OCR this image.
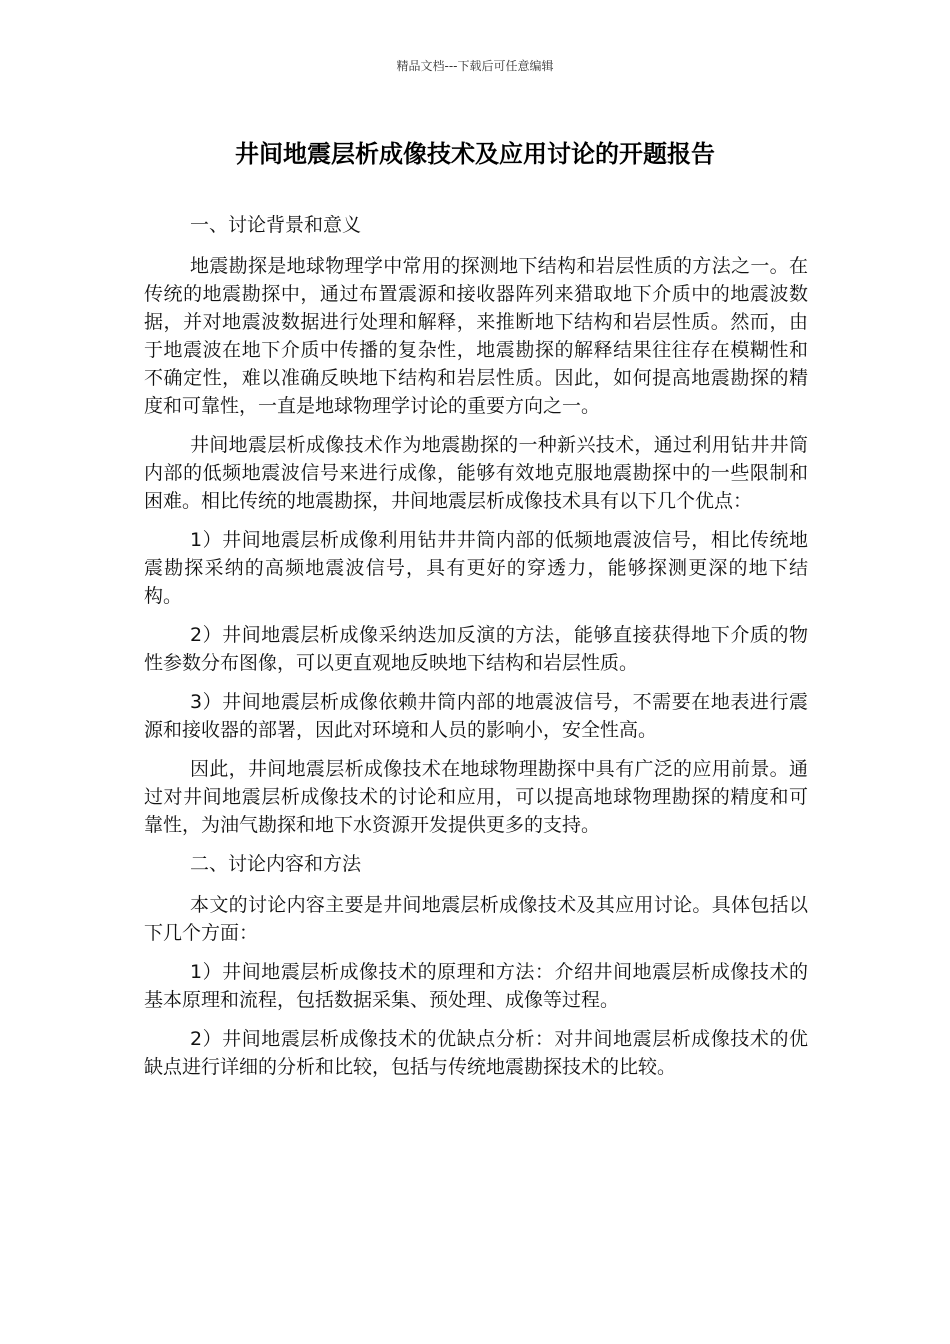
精品文档---下载后可任意编辑
井间地震层析成像技术及应用讨论的开题报告

一、讨论背景和意义

地震勘探是地球物理学中常用的探测地下结构和岩层性质的方法之一。在传统的地震勘探中，通过布置震源和接收器阵列来猎取地下介质中的地震波数据，并对地震波数据进行处理和解释，来推断地下结构和岩层性质。然而，由于地震波在地下介质中传播的复杂性，地震勘探的解释结果往往存在模糊性和不确定性，难以准确反映地下结构和岩层性质。因此，如何提高地震勘探的精度和可靠性，一直是地球物理学讨论的重要方向之一。

井间地震层析成像技术作为地震勘探的一种新兴技术，通过利用钻井井筒内部的低频地震波信号来进行成像，能够有效地克服地震勘探中的一些限制和困难。相比传统的地震勘探，井间地震层析成像技术具有以下几个优点：

1）井间地震层析成像利用钻井井筒内部的低频地震波信号，相比传统地震勘探采纳的高频地震波信号，具有更好的穿透力，能够探测更深的地下结构。

2）井间地震层析成像采纳迭加反演的方法，能够直接获得地下介质的物性参数分布图像，可以更直观地反映地下结构和岩层性质。

3）井间地震层析成像依赖井筒内部的地震波信号，不需要在地表进行震源和接收器的部署，因此对环境和人员的影响小，安全性高。

因此，井间地震层析成像技术在地球物理勘探中具有广泛的应用前景。通过对井间地震层析成像技术的讨论和应用，可以提高地球物理勘探的精度和可靠性，为油气勘探和地下水资源开发提供更多的支持。

二、讨论内容和方法

本文的讨论内容主要是井间地震层析成像技术及其应用讨论。具体包括以下几个方面：

1）井间地震层析成像技术的原理和方法：介绍井间地震层析成像技术的基本原理和流程，包括数据采集、预处理、成像等过程。

2）井间地震层析成像技术的优缺点分析：对井间地震层析成像技术的优缺点进行详细的分析和比较，包括与传统地震勘探技术的比较。
